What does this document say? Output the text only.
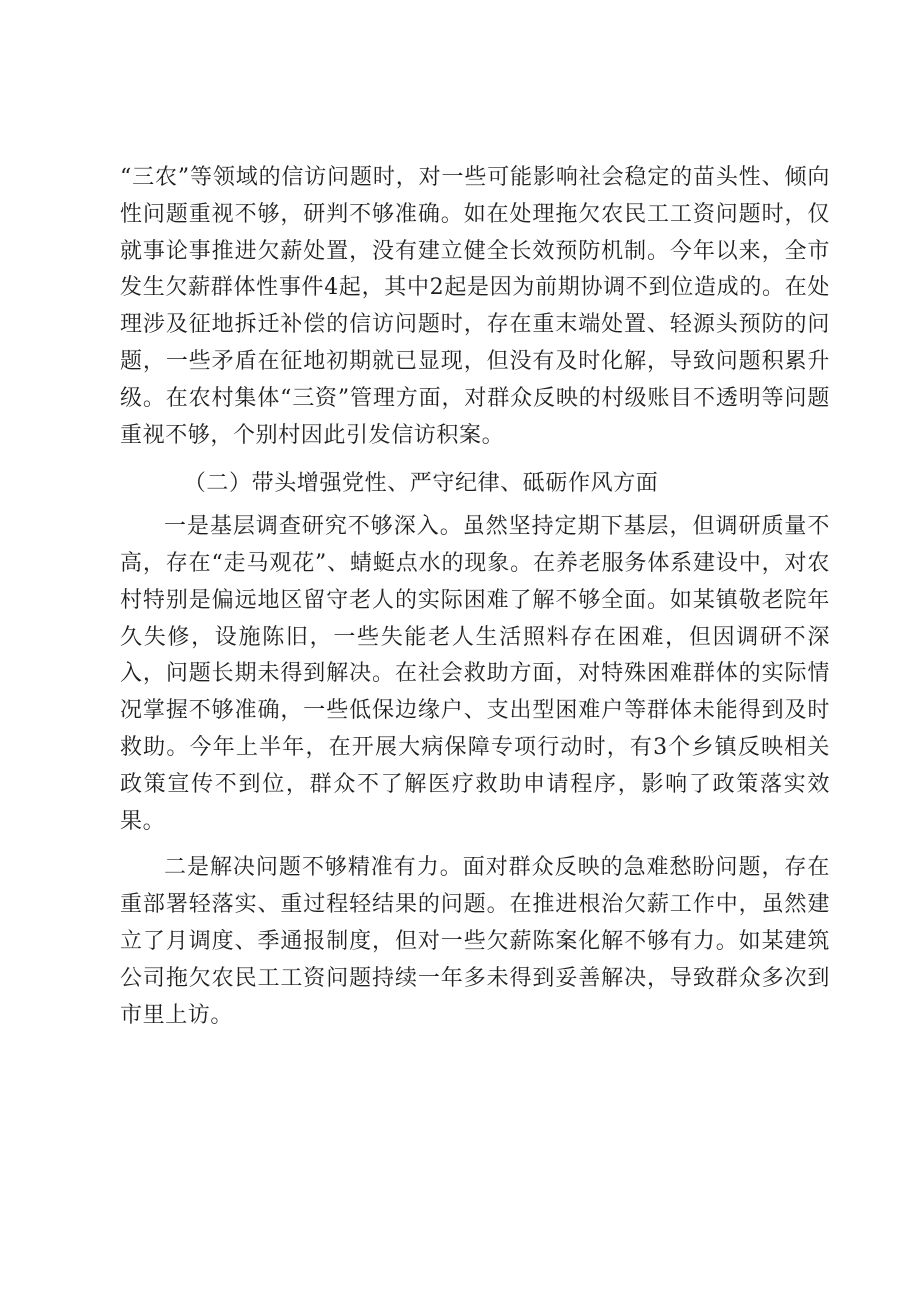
“三农”等领域的信访问题时，对一些可能影响社会稳定的苗头性、倾向性问题重视不够，研判不够准确。如在处理拖欠农民工工资问题时，仅就事论事推进欠薪处置，没有建立健全长效预防机制。今年以来，全市发生欠薪群体性事件4起，其中2起是因为前期协调不到位造成的。在处理涉及征地拆迁补偿的信访问题时，存在重末端处置、轻源头预防的问题，一些矛盾在征地初期就已显现，但没有及时化解，导致问题积累升级。在农村集体“三资”管理方面，对群众反映的村级账目不透明等问题重视不够，个别村因此引发信访积案。

（二）带头增强党性、严守纪律、砥砺作风方面

一是基层调查研究不够深入。虽然坚持定期下基层，但调研质量不高，存在“走马观花”、蜻蜓点水的现象。在养老服务体系建设中，对农村特别是偏远地区留守老人的实际困难了解不够全面。如某镇敬老院年久失修，设施陈旧，一些失能老人生活照料存在困难，但因调研不深入，问题长期未得到解决。在社会救助方面，对特殊困难群体的实际情况掌握不够准确，一些低保边缘户、支出型困难户等群体未能得到及时救助。今年上半年，在开展大病保障专项行动时，有3个乡镇反映相关政策宣传不到位，群众不了解医疗救助申请程序，影响了政策落实效果。

二是解决问题不够精准有力。面对群众反映的急难愁盼问题，存在重部署轻落实、重过程轻结果的问题。在推进根治欠薪工作中，虽然建立了月调度、季通报制度，但对一些欠薪陈案化解不够有力。如某建筑公司拖欠农民工工资问题持续一年多未得到妥善解决，导致群众多次到市里上访。
